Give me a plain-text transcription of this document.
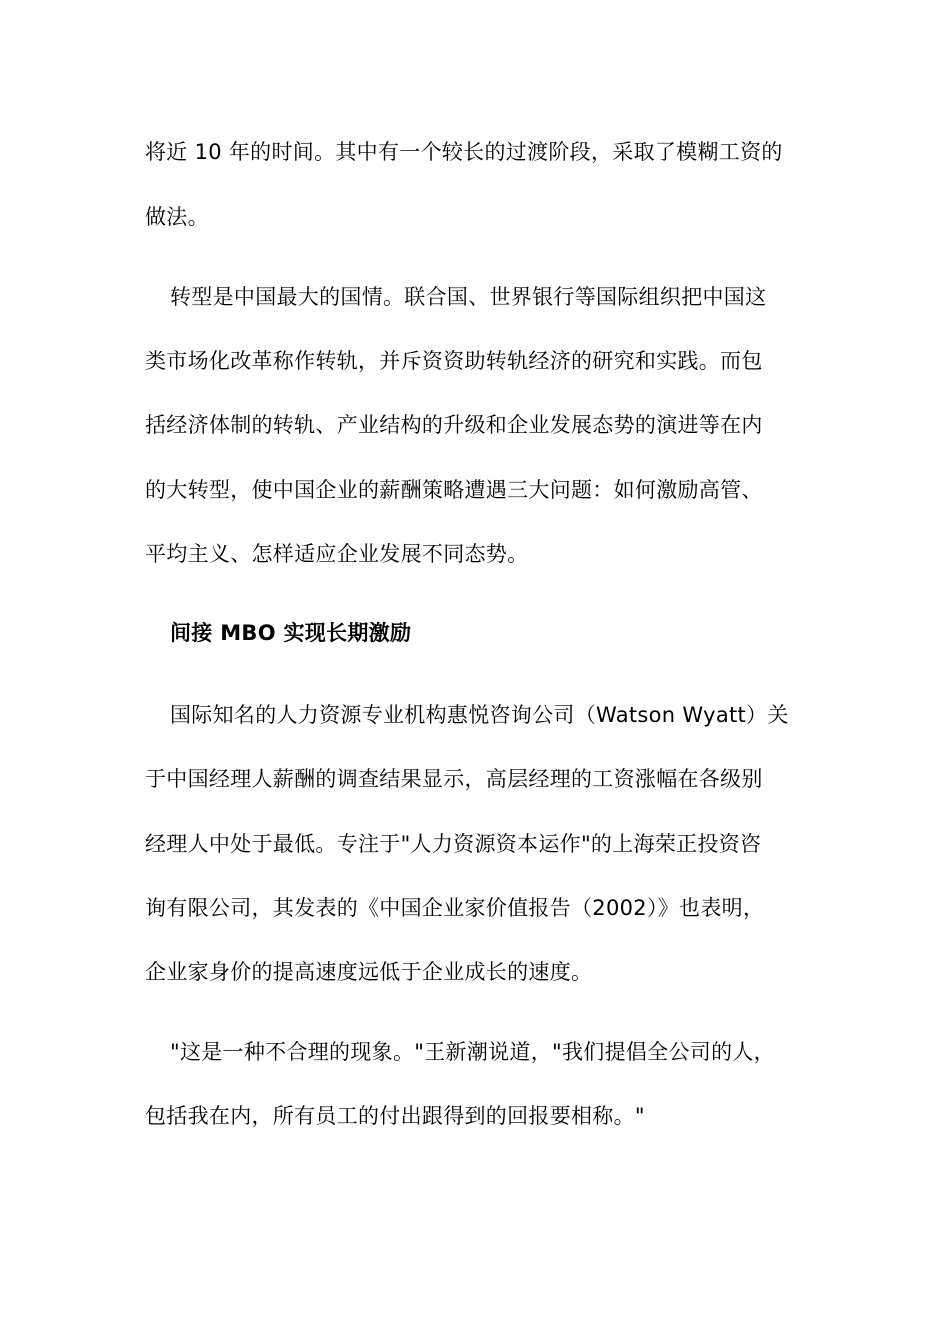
将近 10 年的时间。其中有一个较长的过渡阶段，采取了模糊工资的
做法。
转型是中国最大的国情。联合国、世界银行等国际组织把中国这
类市场化改革称作转轨，并斥资资助转轨经济的研究和实践。而包
括经济体制的转轨、产业结构的升级和企业发展态势的演进等在内
的大转型，使中国企业的薪酬策略遭遇三大问题：如何激励高管、
平均主义、怎样适应企业发展不同态势。
间接 MBO 实现长期激励
国际知名的人力资源专业机构惠悦咨询公司（Watson Wyatt）关
于中国经理人薪酬的调查结果显示，高层经理的工资涨幅在各级别
经理人中处于最低。专注于"人力资源资本运作"的上海荣正投资咨
询有限公司，其发表的《中国企业家价值报告（2002）》也表明，
企业家身价的提高速度远低于企业成长的速度。
"这是一种不合理的现象。"王新潮说道，"我们提倡全公司的人，
包括我在内，所有员工的付出跟得到的回报要相称。"
